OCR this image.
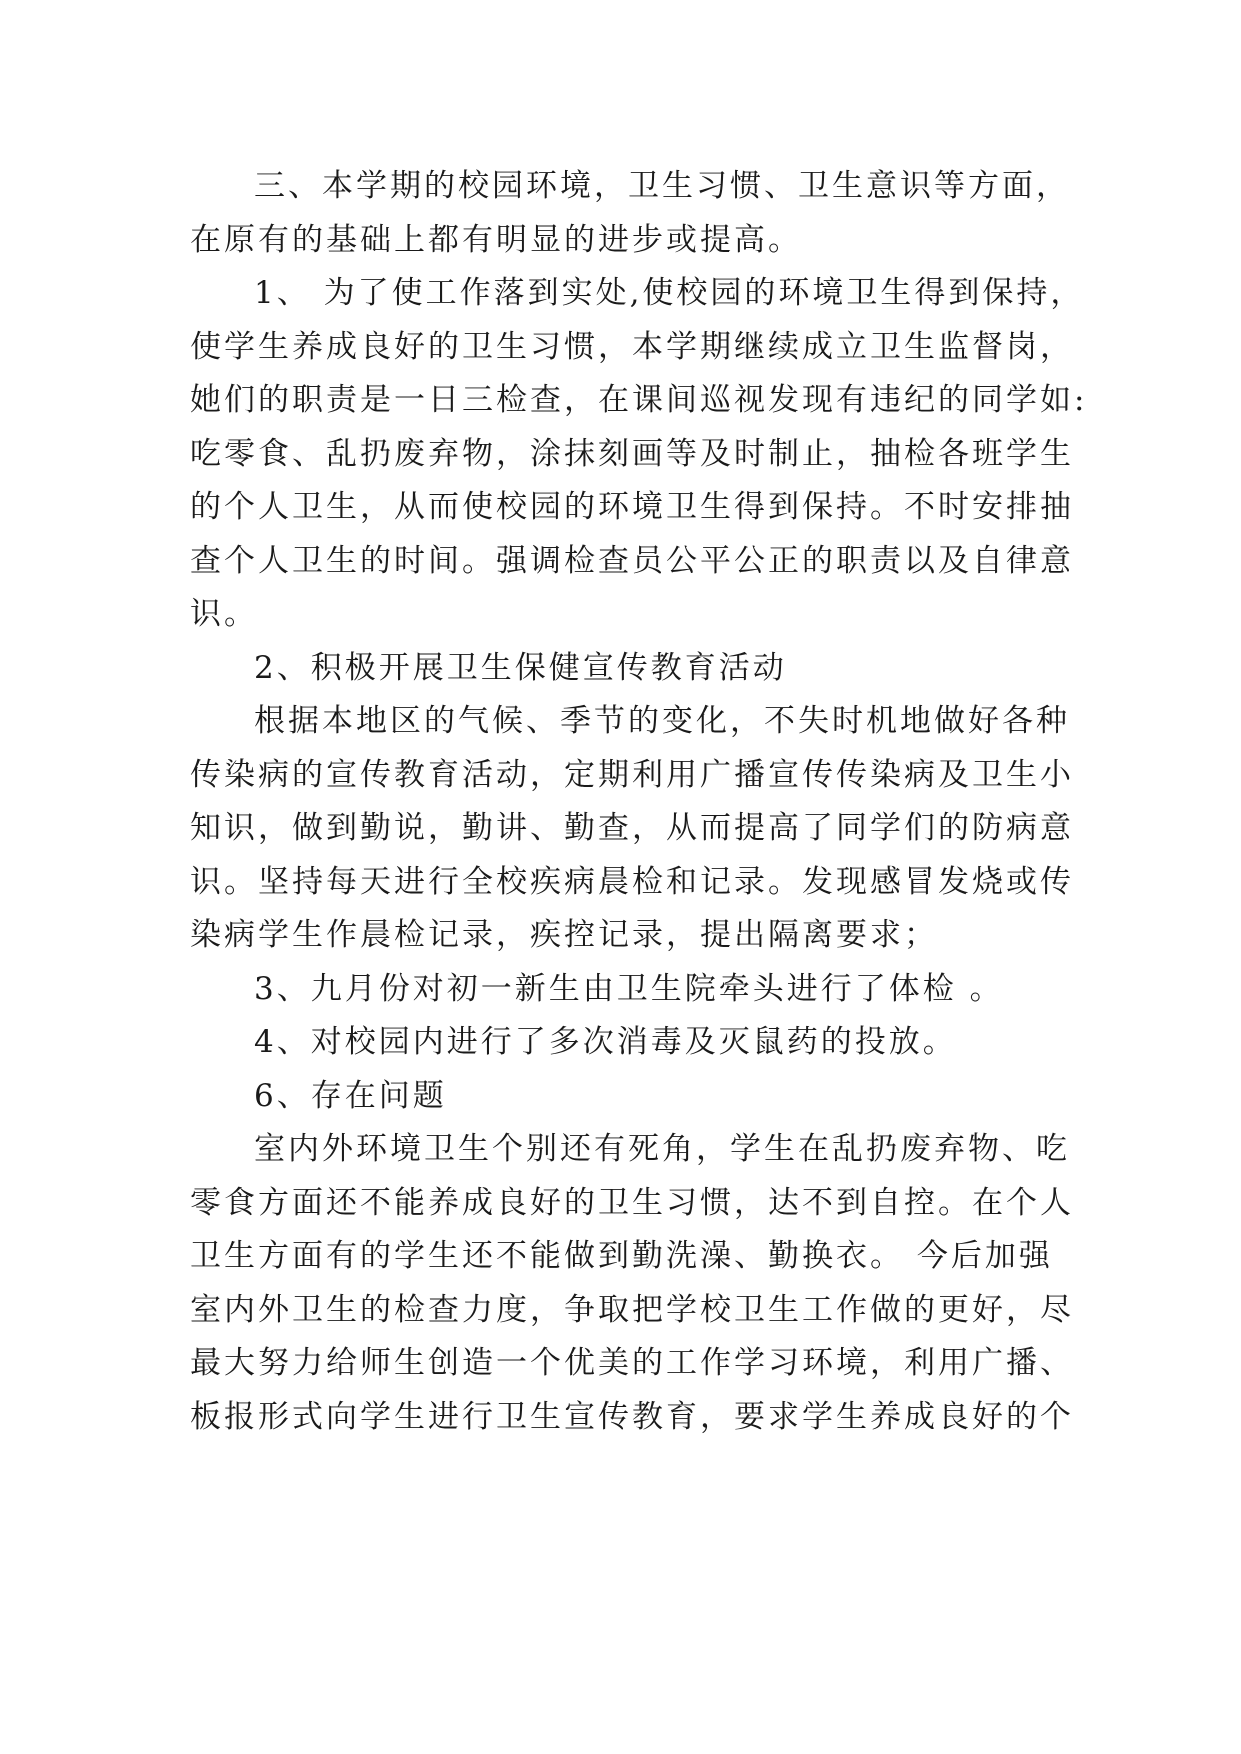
三、本学期的校园环境，卫生习惯、卫生意识等方面，
在原有的基础上都有明显的进步或提高。
1、 为了使工作落到实处,使校园的环境卫生得到保持，
使学生养成良好的卫生习惯，本学期继续成立卫生监督岗，
她们的职责是一日三检查，在课间巡视发现有违纪的同学如:
吃零食、乱扔废弃物，涂抹刻画等及时制止，抽检各班学生
的个人卫生，从而使校园的环境卫生得到保持。不时安排抽
查个人卫生的时间。强调检查员公平公正的职责以及自律意
识。
2、积极开展卫生保健宣传教育活动
根据本地区的气候、季节的变化，不失时机地做好各种
传染病的宣传教育活动，定期利用广播宣传传染病及卫生小
知识，做到勤说，勤讲、勤查，从而提高了同学们的防病意
识。坚持每天进行全校疾病晨检和记录。发现感冒发烧或传
染病学生作晨检记录，疾控记录，提出隔离要求；
3、九月份对初一新生由卫生院牵头进行了体检 。
4、对校园内进行了多次消毒及灭鼠药的投放。
6、存在问题
室内外环境卫生个别还有死角，学生在乱扔废弃物、吃
零食方面还不能养成良好的卫生习惯，达不到自控。在个人
卫生方面有的学生还不能做到勤洗澡、勤换衣。 今后加强
室内外卫生的检查力度，争取把学校卫生工作做的更好，尽
最大努力给师生创造一个优美的工作学习环境，利用广播、
板报形式向学生进行卫生宣传教育，要求学生养成良好的个
